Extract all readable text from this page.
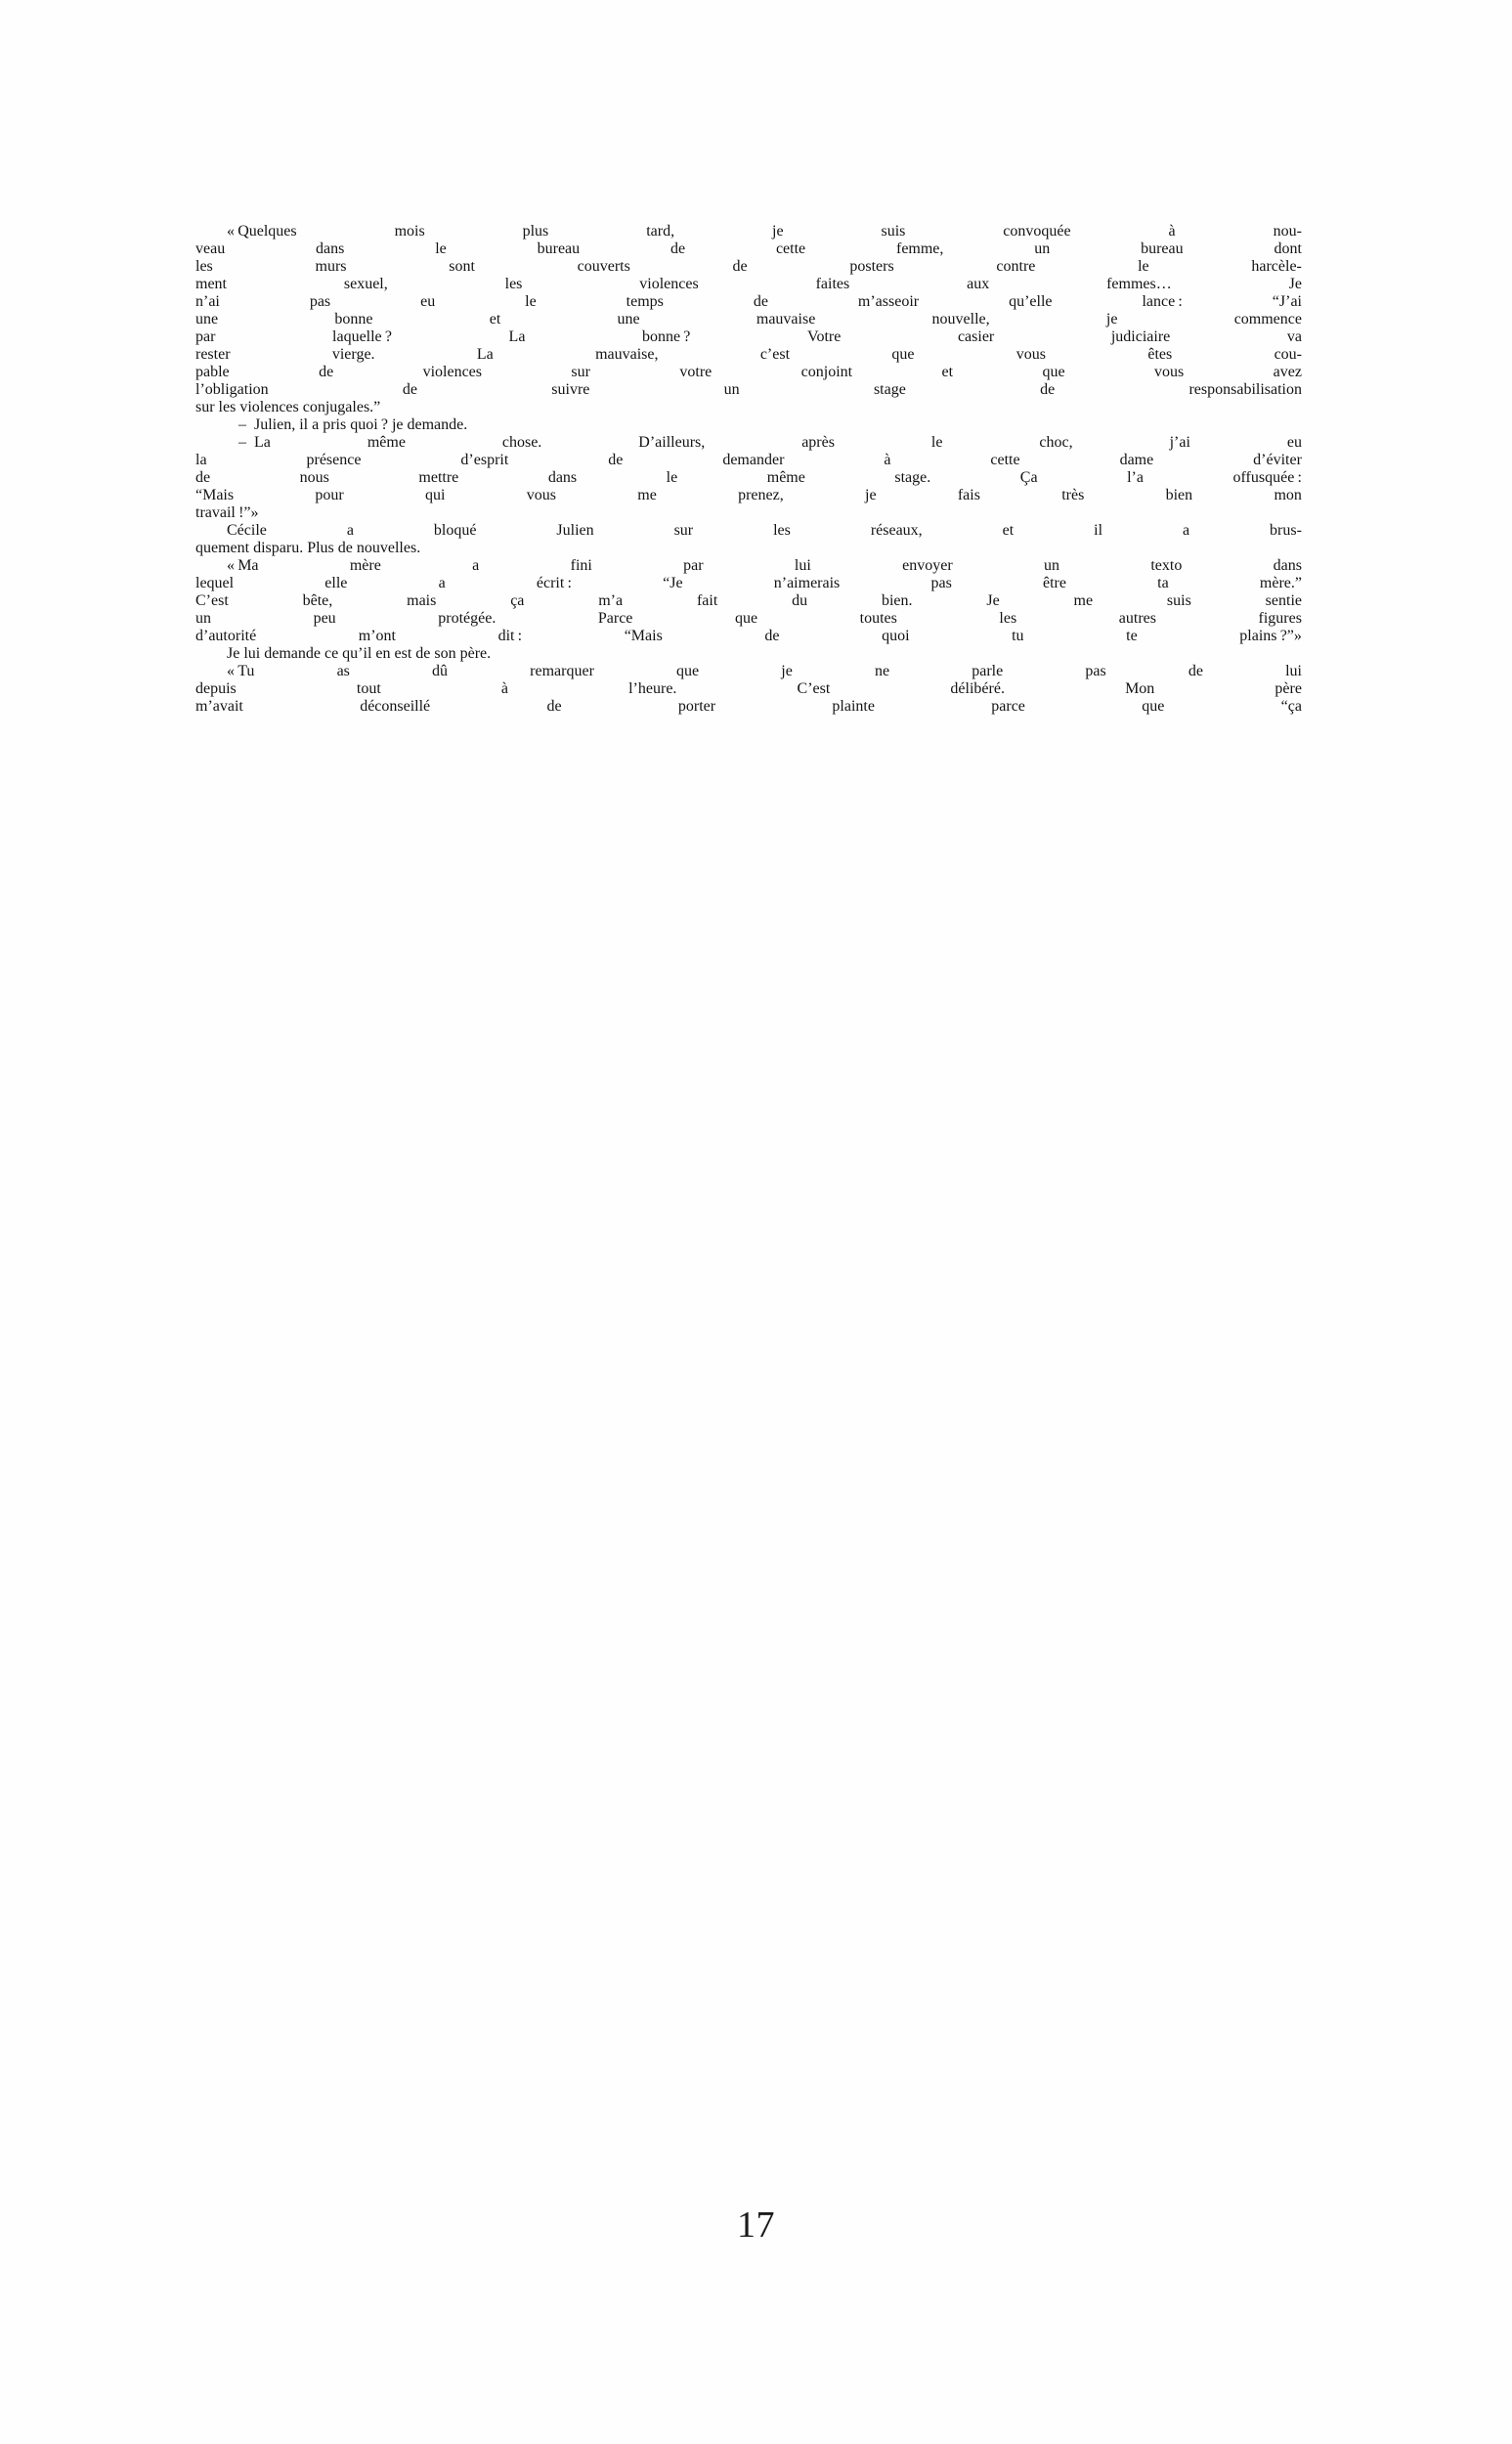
« Quelques	mois	plus	tard,	je	suis	convoquée	à	nou-
veau	dans	le	bureau	de	cette	femme,	un	bureau	dont
les	murs	sont	couverts	de	posters	contre	le	harcèle-
ment	sexuel,	les	violences	faites	aux	femmes…	Je
n’ai	pas	eu	le	temps	de	m’asseoir	qu’elle	lance :	“J’ai
une	bonne	et	une	mauvaise	nouvelle,	je	commence
par	laquelle ?	La	bonne ?	Votre	casier	judiciaire	va
rester	vierge.	La	mauvaise,	c’est	que	vous	êtes	cou-
pable	de	violences	sur	votre	conjoint	et	que	vous	avez
l’obligation	de	suivre	un	stage	de	responsabilisation
sur les violences conjugales.”
– Julien, il a pris quoi ? je demande.
– La	même	chose.	D’ailleurs,	après	le	choc,	j’ai	eu
la	présence	d’esprit	de	demander	à	cette	dame	d’éviter
de	nous	mettre	dans	le	même	stage.	Ça	l’a	offusquée :
“Mais	pour	qui	vous	me	prenez,	je	fais	très	bien	mon
travail !”»
Cécile	a	bloqué	Julien	sur	les	réseaux,	et	il	a	brus-
quement disparu. Plus de nouvelles.
« Ma	mère	a	fini	par	lui	envoyer	un	texto	dans
lequel	elle	a	écrit :	“Je	n’aimerais	pas	être	ta	mère.”
C’est	bête,	mais	ça	m’a	fait	du	bien.	Je	me	suis	sentie
un	peu	protégée.	Parce	que	toutes	les	autres	figures
d’autorité	m’ont	dit :	“Mais	de	quoi	tu	te	plains ?”»
Je lui demande ce qu’il en est de son père.
« Tu	as	dû	remarquer	que	je	ne	parle	pas	de	lui
depuis	tout	à	l’heure.	C’est	délibéré.	Mon	père
m’avait	déconseillé	de	porter	plainte	parce	que	“ça
17
